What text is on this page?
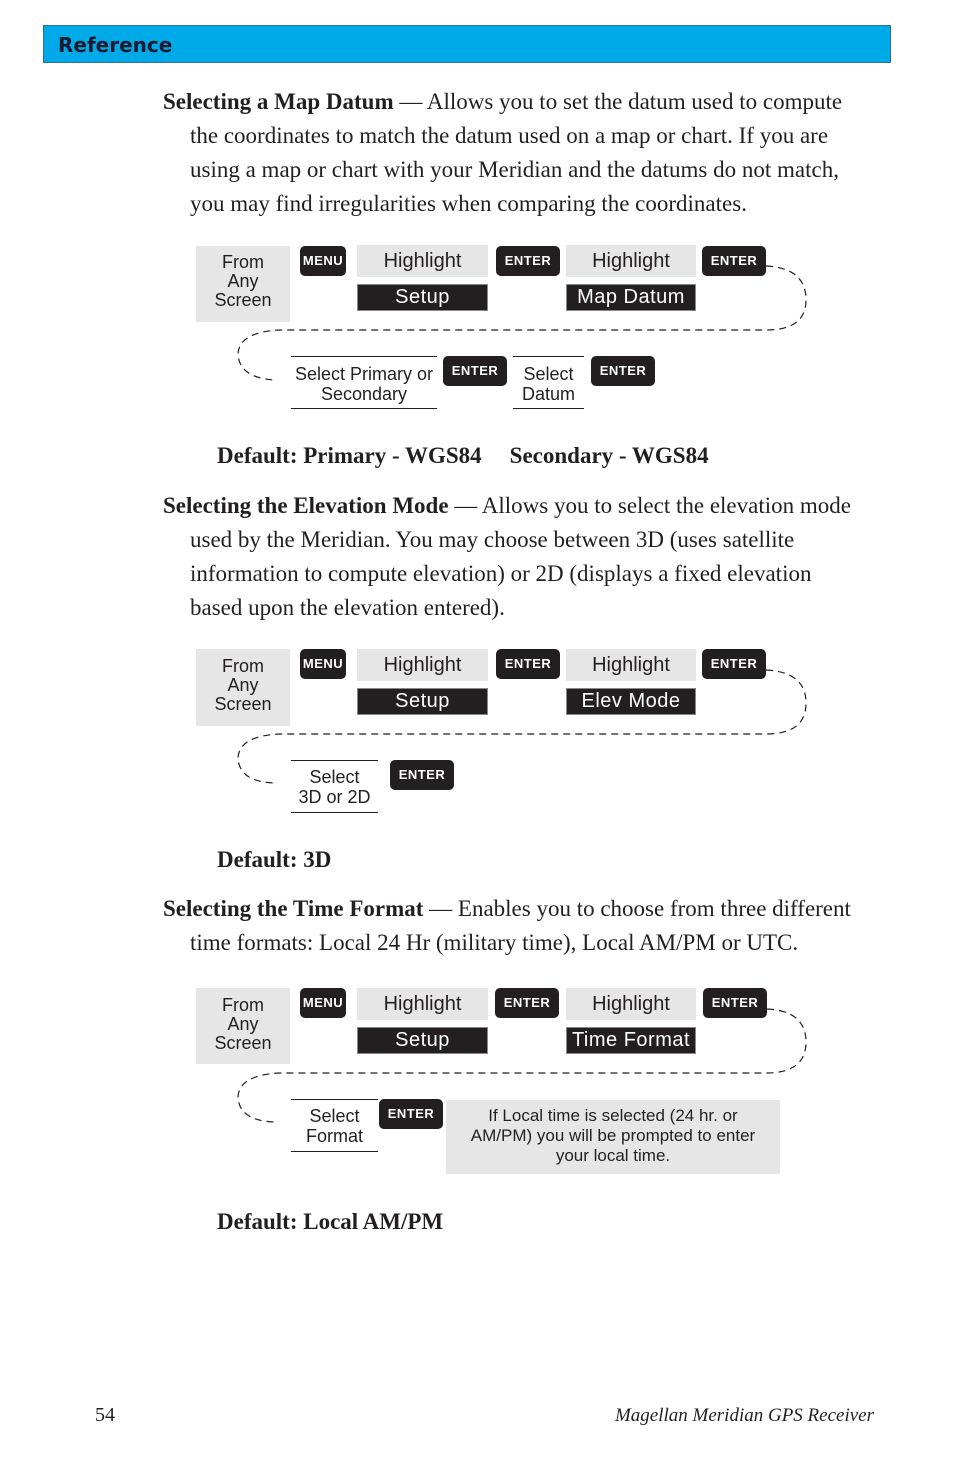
Reference
Selecting a Map Datum — Allows you to set the datum used to compute
the coordinates to match the datum used on a map or chart. If you are
using a map or chart with your Meridian and the datums do not match,
you may find irregularities when comparing the coordinates.
From
Any
Screen
MENU	Highlight
Setup
ENTER	Highlight
Map Datum
ENTER
Select Primary or
Secondary
ENTER	Select
Datum
ENTER
Default: Primary - WGS84 Secondary - WGS84
Selecting the Elevation Mode — Allows you to select the elevation mode
used by the Meridian. You may choose between 3D (uses satellite
information to compute elevation) or 2D (displays a fixed elevation
based upon the elevation entered).
From
Any
Screen
MENU	Highlight
Setup
ENTER	Highlight
Elev Mode
ENTER
Select
3D or 2D
ENTER
Default: 3D
Selecting the Time Format — Enables you to choose from three different
time formats: Local 24 Hr (military time), Local AM/PM or UTC.
From
Any
Screen
MENU	Highlight
Setup
ENTER	Highlight
Time Format
ENTER
Select
Format
ENTER	If Local time is selected (24 hr. or
AM/PM) you will be prompted to enter
your local time.
Default: Local AM/PM
54	Magellan Meridian GPS Receiver
